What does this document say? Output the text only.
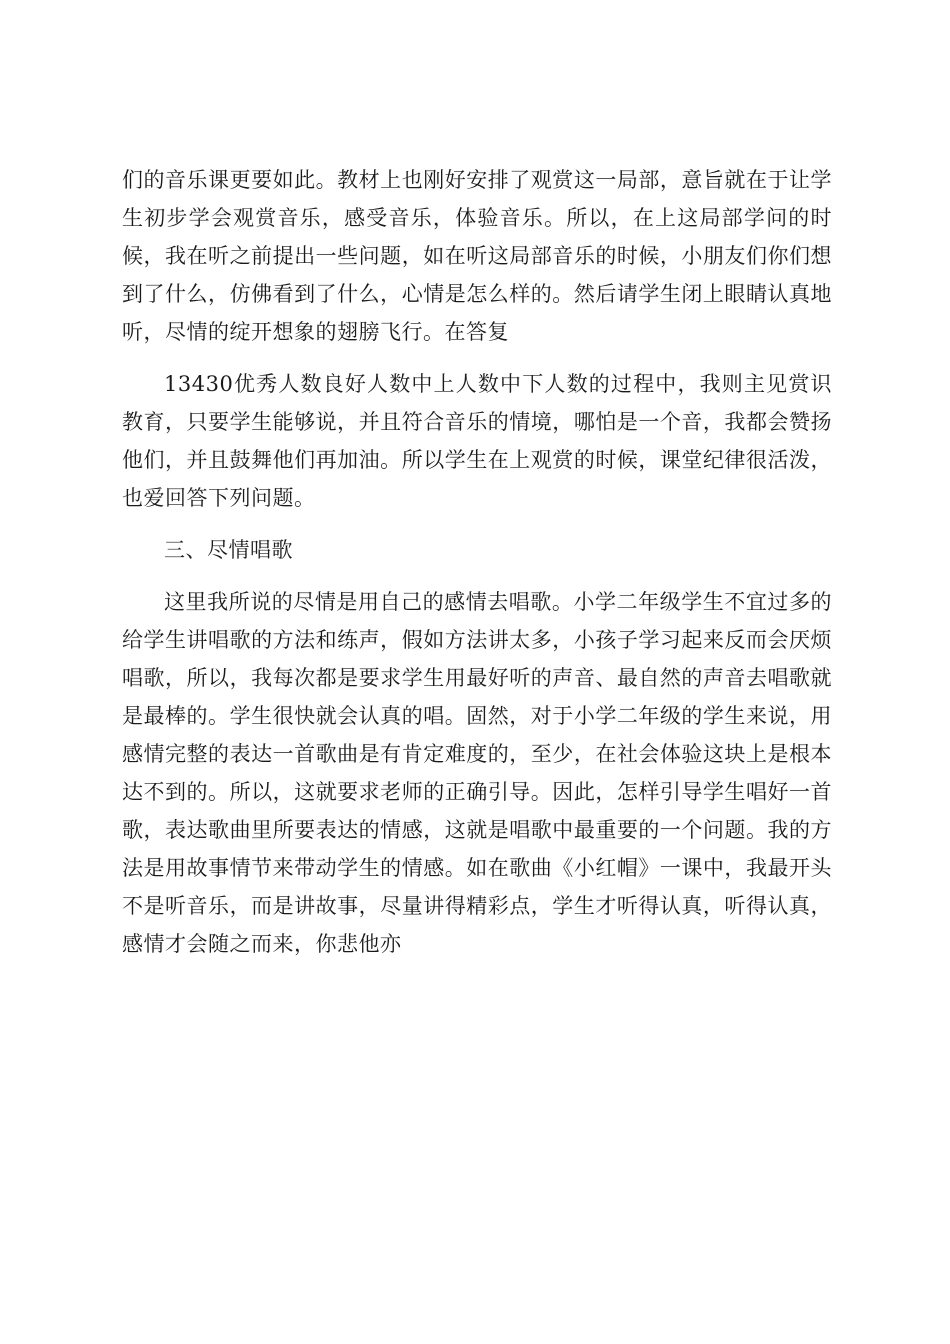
们的音乐课更要如此。教材上也刚好安排了观赏这一局部，意旨就在于让学生初步学会观赏音乐，感受音乐，体验音乐。所以，在上这局部学问的时候，我在听之前提出一些问题，如在听这局部音乐的时候，小朋友们你们想到了什么，仿佛看到了什么，心情是怎么样的。然后请学生闭上眼睛认真地听，尽情的绽开想象的翅膀飞行。在答复

13430优秀人数良好人数中上人数中下人数的过程中，我则主见赏识教育，只要学生能够说，并且符合音乐的情境，哪怕是一个音，我都会赞扬他们，并且鼓舞他们再加油。所以学生在上观赏的时候，课堂纪律很活泼，也爱回答下列问题。

三、尽情唱歌

这里我所说的尽情是用自己的感情去唱歌。小学二年级学生不宜过多的给学生讲唱歌的方法和练声，假如方法讲太多，小孩子学习起来反而会厌烦唱歌，所以，我每次都是要求学生用最好听的声音、最自然的声音去唱歌就是最棒的。学生很快就会认真的唱。固然，对于小学二年级的学生来说，用感情完整的表达一首歌曲是有肯定难度的，至少，在社会体验这块上是根本达不到的。所以，这就要求老师的正确引导。因此，怎样引导学生唱好一首歌，表达歌曲里所要表达的情感，这就是唱歌中最重要的一个问题。我的方法是用故事情节来带动学生的情感。如在歌曲《小红帽》一课中，我最开头不是听音乐，而是讲故事，尽量讲得精彩点，学生才听得认真，听得认真，感情才会随之而来，你悲他亦
